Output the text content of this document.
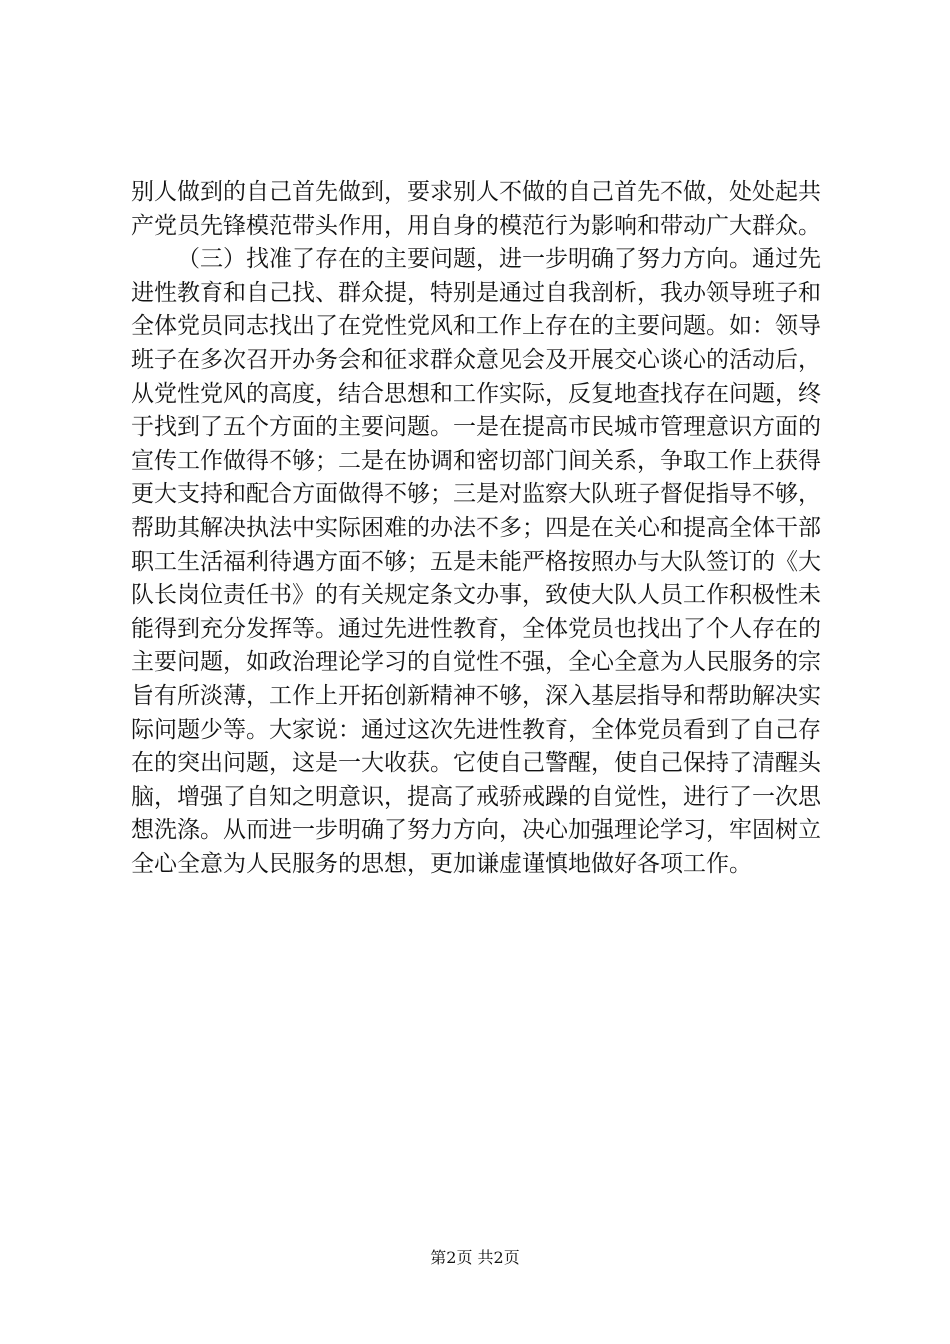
别人做到的自己首先做到，要求别人不做的自己首先不做，处处起共产党员先锋模范带头作用，用自身的模范行为影响和带动广大群众。

（三）找准了存在的主要问题，进一步明确了努力方向。通过先进性教育和自己找、群众提，特别是通过自我剖析，我办领导班子和全体党员同志找出了在党性党风和工作上存在的主要问题。如：领导班子在多次召开办务会和征求群众意见会及开展交心谈心的活动后，从党性党风的高度，结合思想和工作实际，反复地查找存在问题，终于找到了五个方面的主要问题。一是在提高市民城市管理意识方面的宣传工作做得不够；二是在协调和密切部门间关系，争取工作上获得更大支持和配合方面做得不够；三是对监察大队班子督促指导不够，帮助其解决执法中实际困难的办法不多；四是在关心和提高全体干部职工生活福利待遇方面不够；五是未能严格按照办与大队签订的《大队长岗位责任书》的有关规定条文办事，致使大队人员工作积极性未能得到充分发挥等。通过先进性教育，全体党员也找出了个人存在的主要问题，如政治理论学习的自觉性不强，全心全意为人民服务的宗旨有所淡薄，工作上开拓创新精神不够，深入基层指导和帮助解决实际问题少等。大家说：通过这次先进性教育，全体党员看到了自己存在的突出问题，这是一大收获。它使自己警醒，使自己保持了清醒头脑，增强了自知之明意识，提高了戒骄戒躁的自觉性，进行了一次思想洗涤。从而进一步明确了努力方向，决心加强理论学习，牢固树立全心全意为人民服务的思想，更加谦虚谨慎地做好各项工作。

第2页 共2页
